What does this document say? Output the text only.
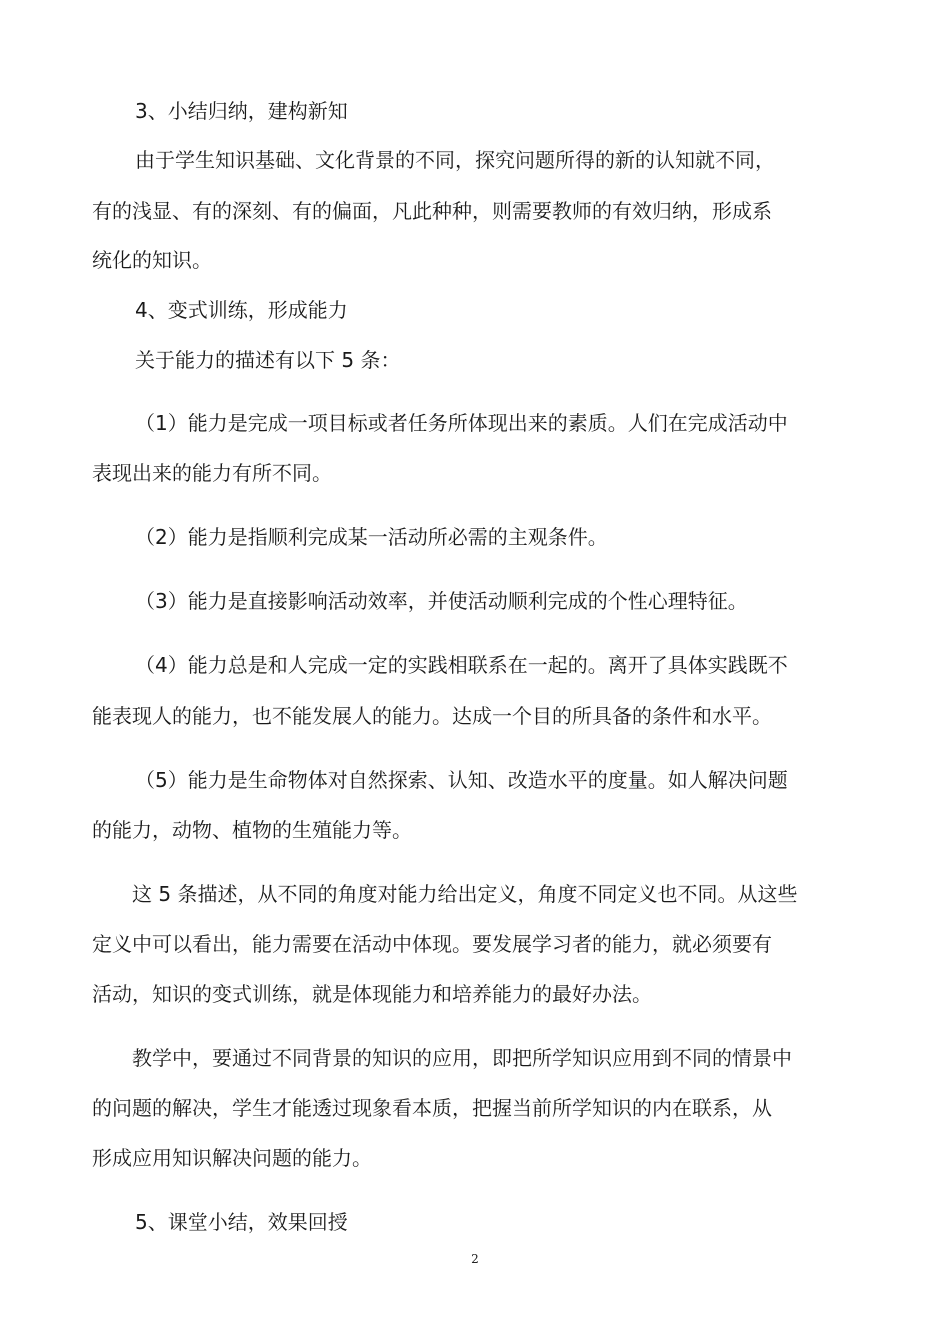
3、小结归纳，建构新知
由于学生知识基础、文化背景的不同，探究问题所得的新的认知就不同，
有的浅显、有的深刻、有的偏面，凡此种种，则需要教师的有效归纳，形成系
统化的知识。
4、变式训练，形成能力
关于能力的描述有以下 5 条：
（1）能力是完成一项目标或者任务所体现出来的素质。人们在完成活动中
表现出来的能力有所不同。
（2）能力是指顺利完成某一活动所必需的主观条件。
（3）能力是直接影响活动效率，并使活动顺利完成的个性心理特征。
（4）能力总是和人完成一定的实践相联系在一起的。离开了具体实践既不
能表现人的能力，也不能发展人的能力。达成一个目的所具备的条件和水平。
（5）能力是生命物体对自然探索、认知、改造水平的度量。如人解决问题
的能力，动物、植物的生殖能力等。
这 5 条描述，从不同的角度对能力给出定义，角度不同定义也不同。从这些
定义中可以看出，能力需要在活动中体现。要发展学习者的能力，就必须要有
活动，知识的变式训练，就是体现能力和培养能力的最好办法。
教学中，要通过不同背景的知识的应用，即把所学知识应用到不同的情景中
的问题的解决，学生才能透过现象看本质，把握当前所学知识的内在联系，从
形成应用知识解决问题的能力。
5、课堂小结，效果回授
2
